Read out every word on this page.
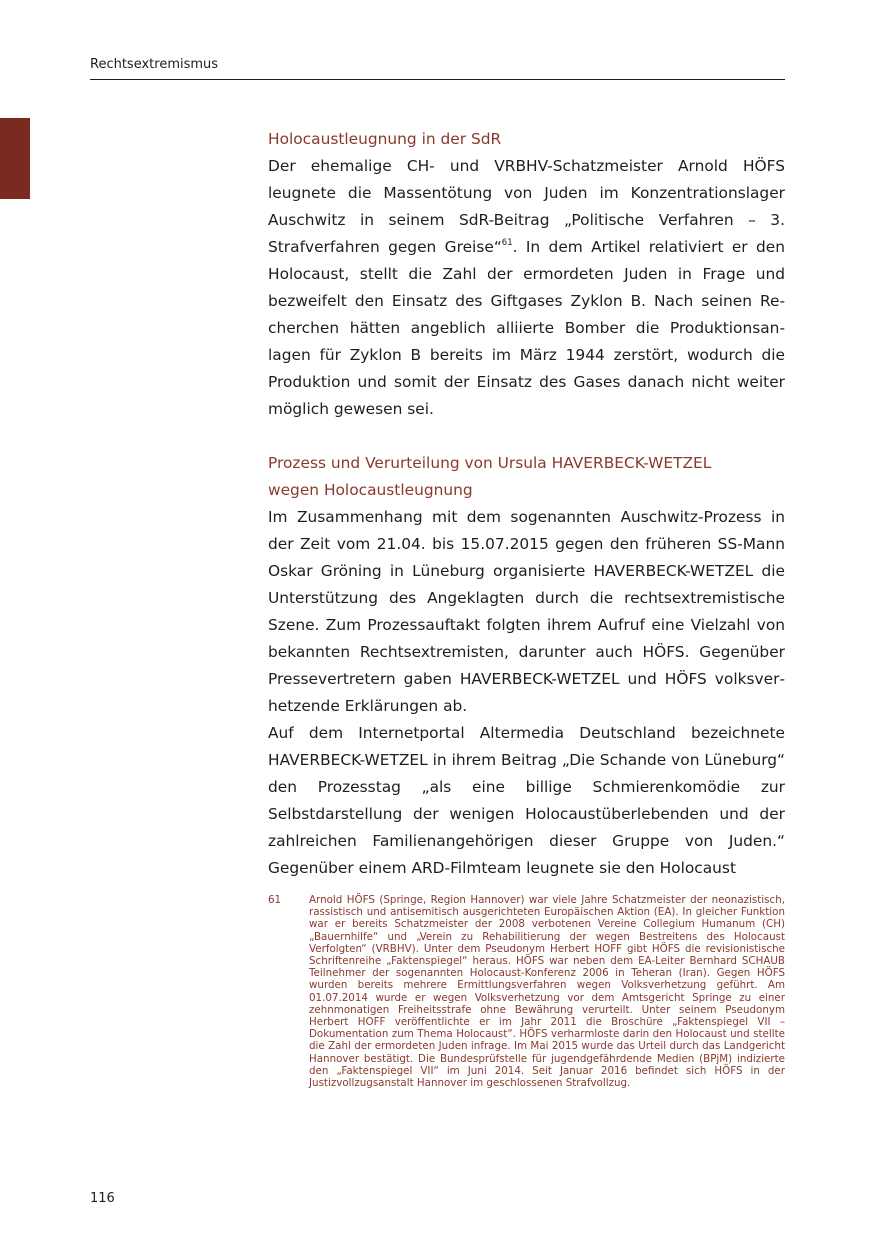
Rechtsextremismus
Holocaustleugnung in der SdR

Der ehemalige CH- und VRBHV-Schatzmeister Arnold HÖFS leugnete die Massentötung von Juden im Konzentrationslager Auschwitz in seinem SdR-Beitrag „Politische Verfahren – 3. Strafverfahren gegen Greise“$^{61}$. In dem Artikel relativiert er den Holocaust, stellt die Zahl der ermordeten Juden in Frage und bezweifelt den Einsatz des Giftgases Zyklon B. Nach seinen Recherchen hätten angeblich alliierte Bomber die Produktionsanlagen für Zyklon B bereits im März 1944 zerstört, wodurch die Produktion und somit der Einsatz des Gases danach nicht weiter möglich gewesen sei.

Prozess und Verurteilung von Ursula HAVERBECK-WETZEL
wegen Holocaustleugnung

Im Zusammenhang mit dem sogenannten Auschwitz-Prozess in der Zeit vom 21.04. bis 15.07.2015 gegen den früheren SS-Mann Oskar Gröning in Lüneburg organisierte HAVERBECK-WETZEL die Unterstützung des Angeklagten durch die rechtsextremistische Szene. Zum Prozessauftakt folgten ihrem Aufruf eine Vielzahl von bekannten Rechtsextremisten, darunter auch HÖFS. Gegenüber Pressevertretern gaben HAVERBECK-WETZEL und HÖFS volksverhetzende Erklärungen ab.

Auf dem Internetportal Altermedia Deutschland bezeichnete HAVERBECK-WETZEL in ihrem Beitrag „Die Schande von Lüneburg“ den Prozesstag „als eine billige Schmierenkomödie zur Selbstdarstellung der wenigen Holocaustüberlebenden und der zahlreichen Familienangehörigen dieser Gruppe von Juden.“ Gegenüber einem ARD-Filmteam leugnete sie den Holocaust

61	Arnold HÖFS (Springe, Region Hannover) war viele Jahre Schatzmeister der neonazistisch, rassistisch und antisemitisch ausgerichteten Europäischen Aktion (EA). In gleicher Funktion war er bereits Schatzmeister der 2008 verbotenen Vereine Collegium Humanum (CH) „Bauernhilfe“ und „Verein zu Rehabilitierung der wegen Bestreitens des Holocaust Verfolgten“ (VRBHV). Unter dem Pseudonym Herbert HOFF gibt HÖFS die revisionistische Schriftenreihe „Faktenspiegel“ heraus. HÖFS war neben dem EA-Leiter Bernhard SCHAUB Teilnehmer der sogenannten Holocaust-Konferenz 2006 in Teheran (Iran). Gegen HÖFS wurden bereits mehrere Ermittlungsverfahren wegen Volksverhetzung geführt. Am 01.07.2014 wurde er wegen Volksverhetzung vor dem Amtsgericht Springe zu einer zehnmonatigen Freiheitsstrafe ohne Bewährung verurteilt. Unter seinem Pseudonym Herbert HOFF veröffentlichte er im Jahr 2011 die Broschüre „Faktenspiegel VII – Dokumentation zum Thema Holocaust“. HÖFS verharmloste darin den Holocaust und stellte die Zahl der ermordeten Juden infrage. Im Mai 2015 wurde das Urteil durch das Landgericht Hannover bestätigt. Die Bundesprüfstelle für jugendgefährdende Medien (BPjM) indizierte den „Faktenspiegel VII“ im Juni 2014. Seit Januar 2016 befindet sich HÖFS in der Justizvollzugsanstalt Hannover im geschlossenen Strafvollzug.
116
